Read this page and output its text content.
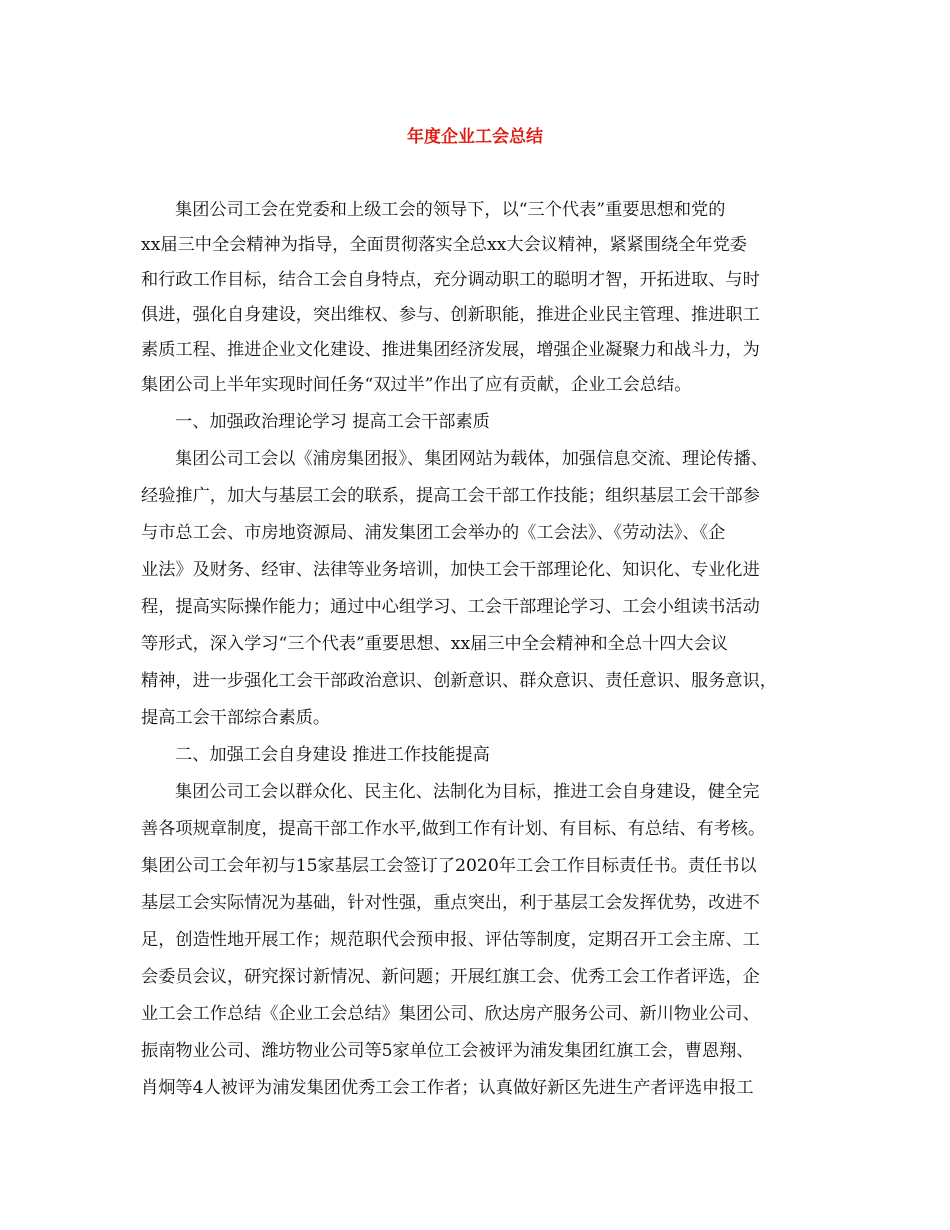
年度企业工会总结
集团公司工会在党委和上级工会的领导下，以“三个代表”重要思想和党的
xx届三中全会精神为指导，全面贯彻落实全总xx大会议精神，紧紧围绕全年党委
和行政工作目标，结合工会自身特点，充分调动职工的聪明才智，开拓进取、与时
俱进，强化自身建设，突出维权、参与、创新职能，推进企业民主管理、推进职工
素质工程、推进企业文化建设、推进集团经济发展，增强企业凝聚力和战斗力，为
集团公司上半年实现时间任务“双过半”作出了应有贡献，企业工会总结。
一、加强政治理论学习 提高工会干部素质
集团公司工会以《浦房集团报》、集团网站为载体，加强信息交流、理论传播、
经验推广，加大与基层工会的联系，提高工会干部工作技能；组织基层工会干部参
与市总工会、市房地资源局、浦发集团工会举办的《工会法》、《劳动法》、《企
业法》及财务、经审、法律等业务培训，加快工会干部理论化、知识化、专业化进
程，提高实际操作能力；通过中心组学习、工会干部理论学习、工会小组读书活动
等形式，深入学习“三个代表”重要思想、xx届三中全会精神和全总十四大会议
精神，进一步强化工会干部政治意识、创新意识、群众意识、责任意识、服务意识，
提高工会干部综合素质。
二、加强工会自身建设 推进工作技能提高
集团公司工会以群众化、民主化、法制化为目标，推进工会自身建设，健全完
善各项规章制度，提高干部工作水平,做到工作有计划、有目标、有总结、有考核。
集团公司工会年初与15家基层工会签订了2020年工会工作目标责任书。责任书以
基层工会实际情况为基础，针对性强，重点突出，利于基层工会发挥优势，改进不
足，创造性地开展工作；规范职代会预申报、评估等制度，定期召开工会主席、工
会委员会议，研究探讨新情况、新问题；开展红旗工会、优秀工会工作者评选，企
业工会工作总结《企业工会总结》集团公司、欣达房产服务公司、新川物业公司、
振南物业公司、潍坊物业公司等5家单位工会被评为浦发集团红旗工会，曹恩翔、
肖炯等4人被评为浦发集团优秀工会工作者；认真做好新区先进生产者评选申报工
